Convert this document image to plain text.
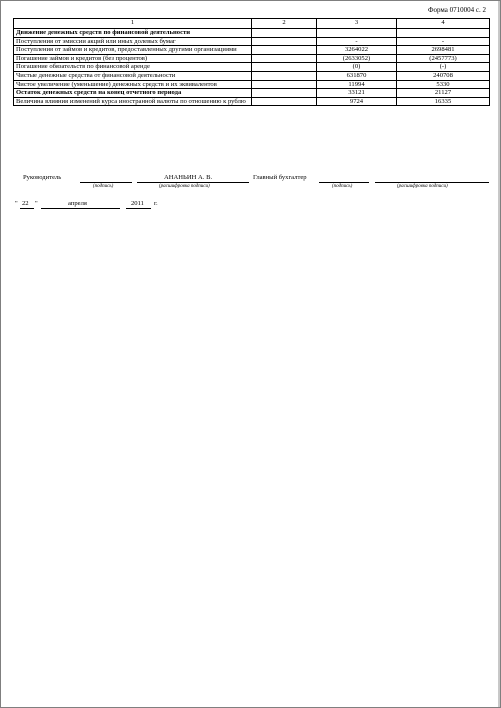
Форма 0710004 с. 2
1	2	3	4
Движение денежных средств по финансовой деятельности			
Поступления от эмиссии акций или иных долевых бумаг		-	-
Поступления от займов и кредитов, предоставленных другими организациями		3264022	2698481
Погашение займов и кредитов (без процентов)		(2633052)	(2457773)
Погашение обязательств по финансовой аренде		(0)	(-)
Чистые денежные средства от финансовой деятельности		631870	240708
Чистое увеличение (уменьшение) денежных средств и их эквивалентов		11994	5330
Остаток денежных средств на конец отчетного периода		33121	21127
Величина влияния изменений курса иностранной валюты по отношению к рублю		9724	16335
Руководитель
(подпись)
АНАНЬИН А. В.
(расшифровка подписи)
Главный бухгалтер
(подпись)	(расшифровка подписи)
" 22 "	апреля	2011 г.
